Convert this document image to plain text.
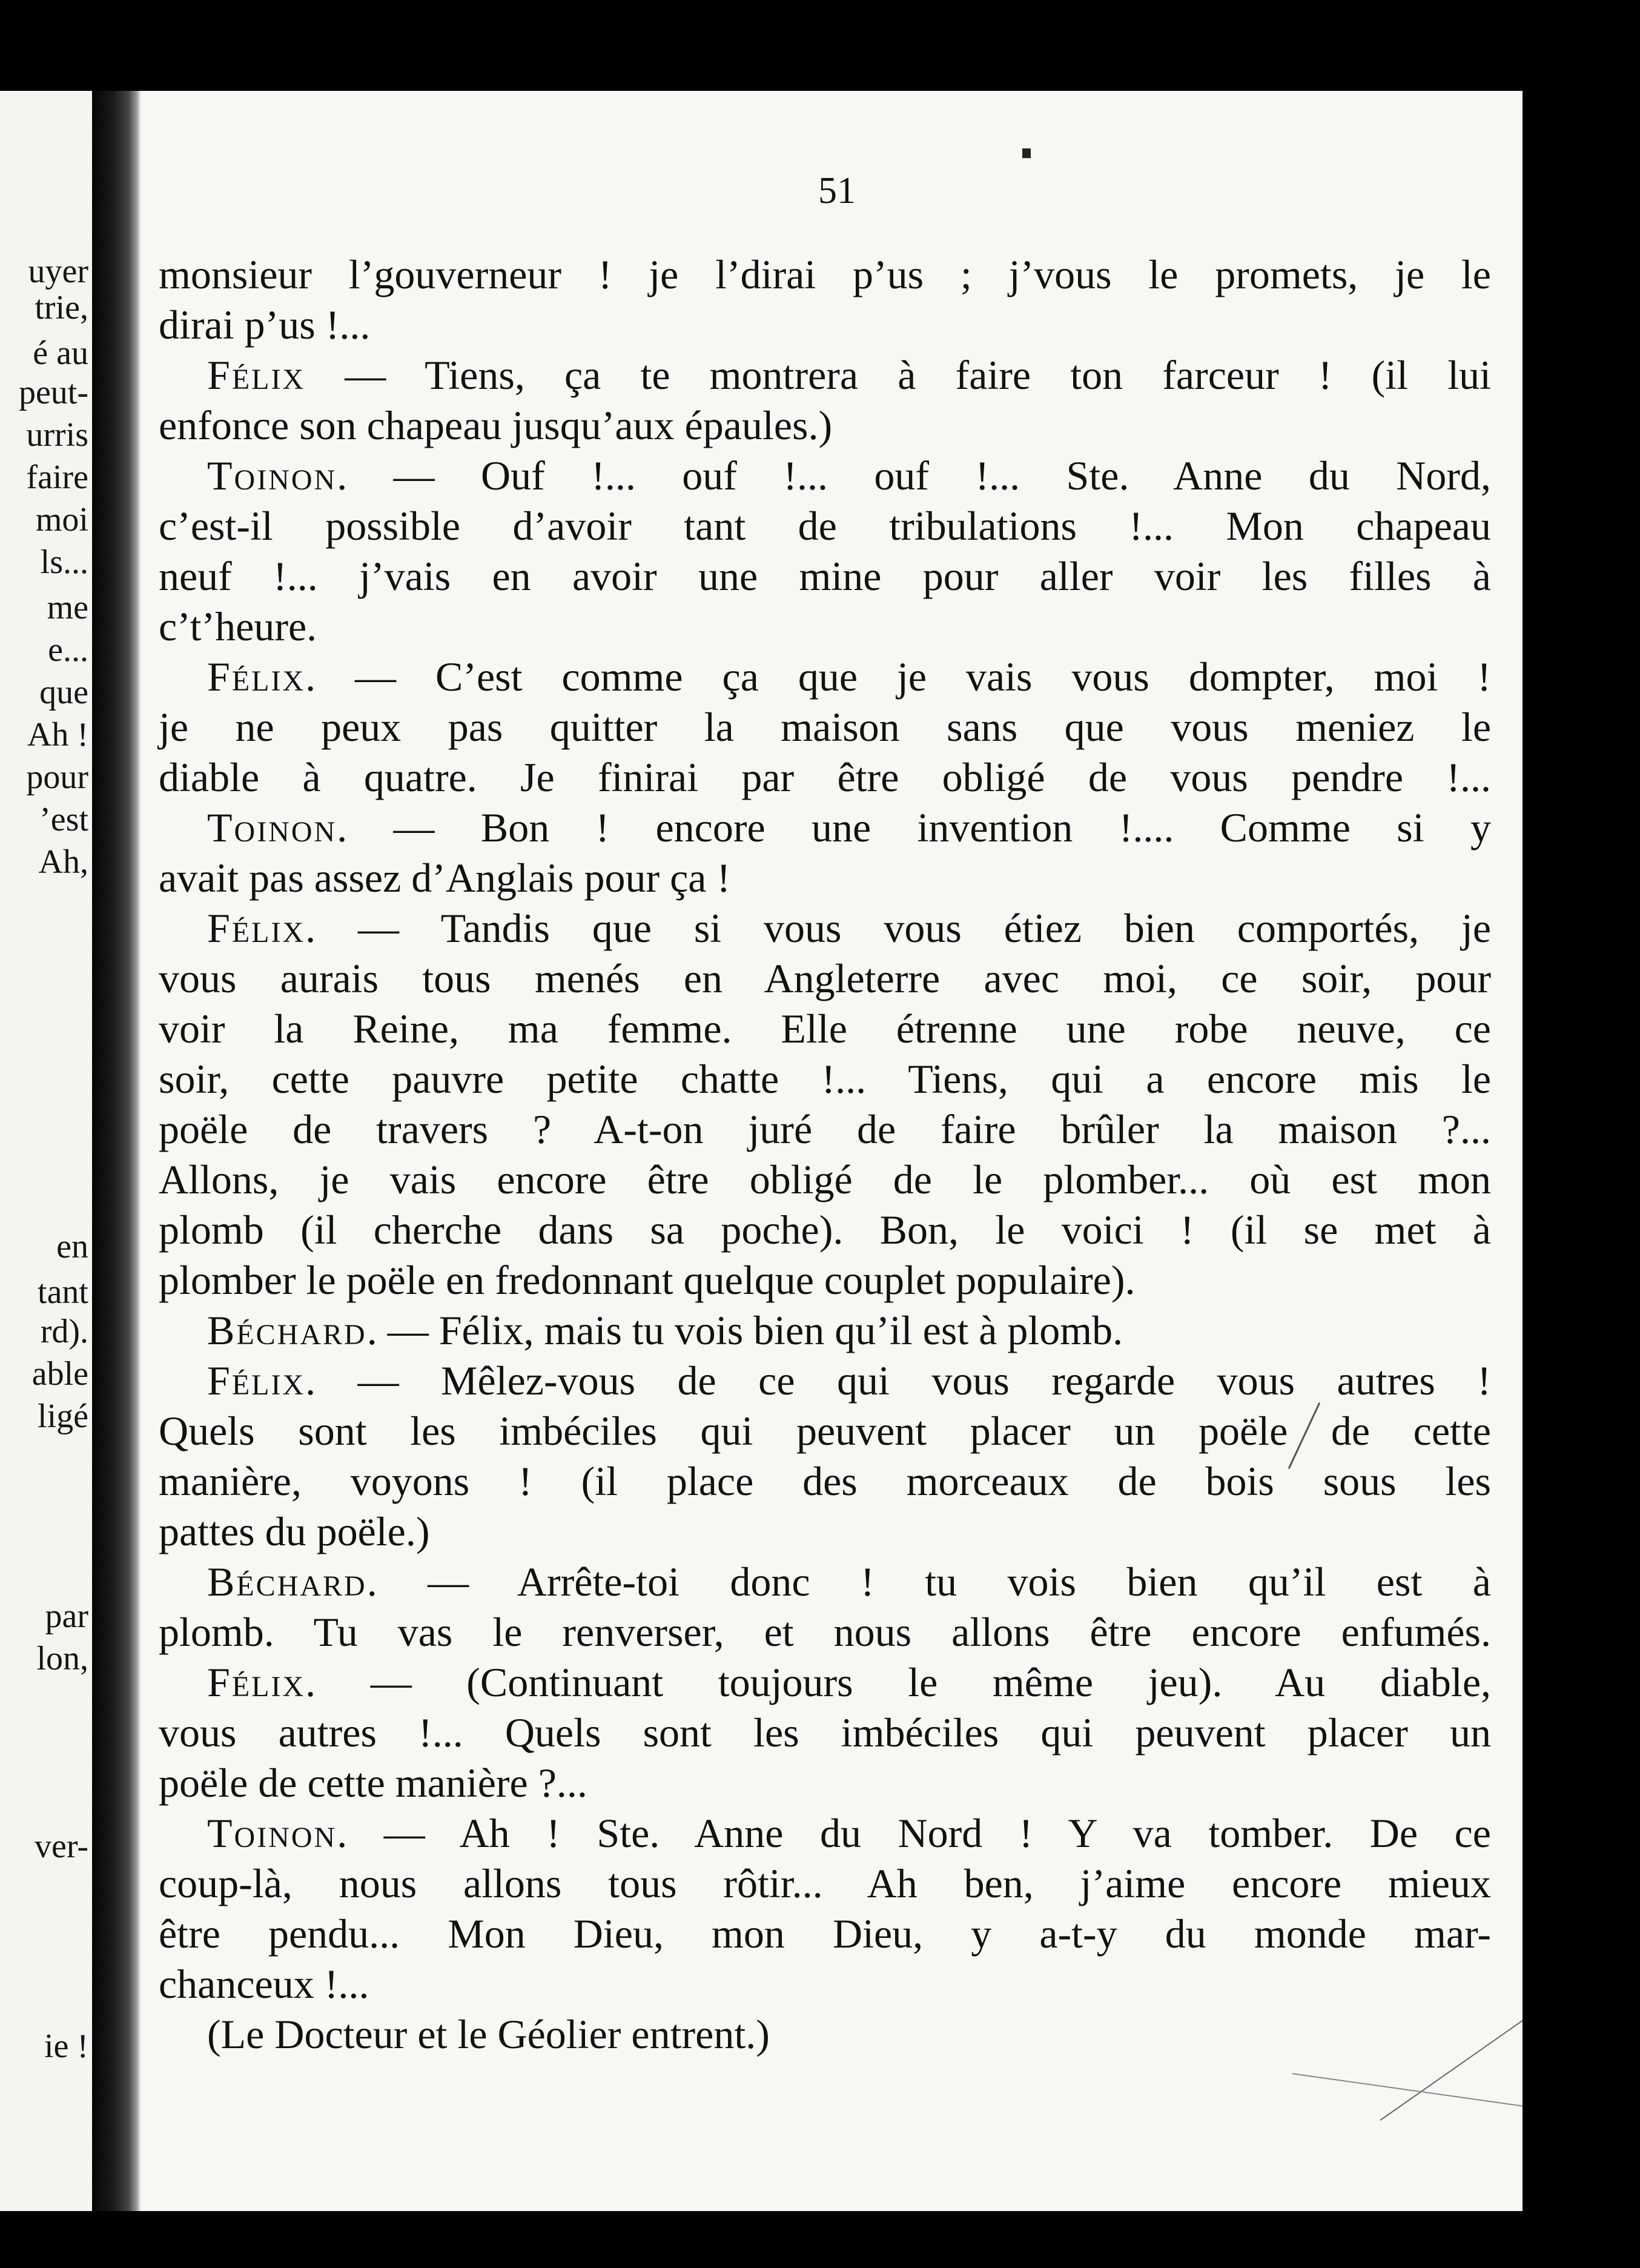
uyer
trie,
é au
peut-
urris
faire
moi
ls...
me
e...
que
Ah !
pour
’est
Ah,
en
tant
rd).
able
ligé
par
lon,
ver-
ie !
51
monsieur l’gouverneur ! je l’dirai p’us ; j’vous le promets, je le
dirai p’us !...
Félix — Tiens, ça te montrera à faire ton farceur ! (il lui
enfonce son chapeau jusqu’aux épaules.)
Toinon. — Ouf !... ouf !... ouf !... Ste. Anne du Nord,
c’est-il possible d’avoir tant de tribulations !... Mon chapeau
neuf !... j’vais en avoir une mine pour aller voir les filles à
c’t’heure.
Félix. — C’est comme ça que je vais vous dompter, moi !
je ne peux pas quitter la maison sans que vous meniez le
diable à quatre. Je finirai par être obligé de vous pendre !...
Toinon. — Bon ! encore une invention !.... Comme si y
avait pas assez d’Anglais pour ça !
Félix. — Tandis que si vous vous étiez bien comportés, je
vous aurais tous menés en Angleterre avec moi, ce soir, pour
voir la Reine, ma femme. Elle étrenne une robe neuve, ce
soir, cette pauvre petite chatte !... Tiens, qui a encore mis le
poële de travers ? A-t-on juré de faire brûler la maison ?...
Allons, je vais encore être obligé de le plomber... où est mon
plomb (il cherche dans sa poche). Bon, le voici ! (il se met à
plomber le poële en fredonnant quelque couplet populaire).
Béchard. — Félix, mais tu vois bien qu’il est à plomb.
Félix. — Mêlez-vous de ce qui vous regarde vous autres !
Quels sont les imbéciles qui peuvent placer un poële de cette
manière, voyons ! (il place des morceaux de bois sous les
pattes du poële.)
Béchard. — Arrête-toi donc ! tu vois bien qu’il est à
plomb. Tu vas le renverser, et nous allons être encore enfumés.
Félix. — (Continuant toujours le même jeu). Au diable,
vous autres !... Quels sont les imbéciles qui peuvent placer un
poële de cette manière ?...
Toinon. — Ah ! Ste. Anne du Nord ! Y va tomber. De ce
coup-là, nous allons tous rôtir... Ah ben, j’aime encore mieux
être pendu... Mon Dieu, mon Dieu, y a-t-y du monde mar-
chanceux !...
(Le Docteur et le Géolier entrent.)
